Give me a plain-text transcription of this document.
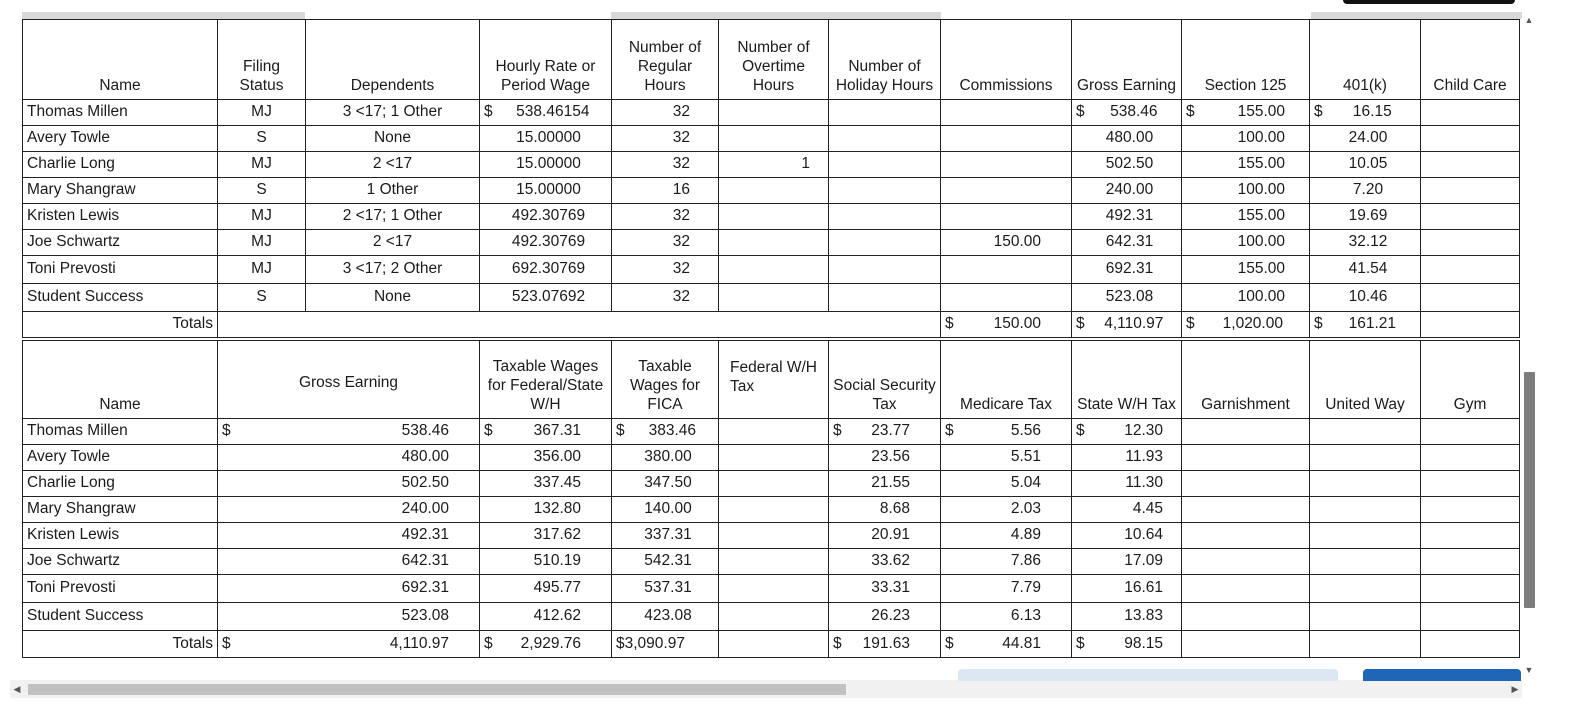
Name	Filing Status	Dependents	Hourly Rate or Period Wage	Number of Regular Hours	Number of Overtime Hours	Number of Holiday Hours	Commissions	Gross Earning	Section 125	401(k)	Child Care
Thomas Millen	MJ	3 <17; 1 Other	$ 538.46154	32				$ 538.46	$ 155.00	$ 16.15	

Avery Towle	S	None	15.00000	32				480.00	100.00	24.00	

Charlie Long	MJ	2 <17	15.00000	32	1			502.50	155.00	10.05	

Mary Shangraw	S	1 Other	15.00000	16				240.00	100.00	7.20	

Kristen Lewis	MJ	2 <17; 1 Other	492.30769	32				492.31	155.00	19.69	

Joe Schwartz	MJ	2 <17	492.30769	32			150.00	642.31	100.00	32.12	

Toni Prevosti	MJ	3 <17; 2 Other	692.30769	32				692.31	155.00	41.54	

Student Success	S	None	523.07692	32				523.08	100.00	10.46	

Totals							$ 150.00	$ 4,110.97	$ 1,020.00	$ 161.21	

Name	Gross Earning	Taxable Wages for Federal/State W/H	Taxable Wages for FICA	Federal W/H Tax	Social Security Tax	Medicare Tax	State W/H Tax	Garnishment	United Way	Gym
Thomas Millen	$ 538.46	$ 367.31	$ 383.46		$ 23.77	$ 5.56	$ 12.30			

Avery Towle	480.00	356.00	380.00		23.56	5.51	11.93			

Charlie Long	502.50	337.45	347.50		21.55	5.04	11.30			

Mary Shangraw	240.00	132.80	140.00		8.68	2.03	4.45			

Kristen Lewis	492.31	317.62	337.31		20.91	4.89	10.64			

Joe Schwartz	642.31	510.19	542.31		33.62	7.86	17.09			

Toni Prevosti	692.31	495.77	537.31		33.31	7.79	16.61			

Student Success	523.08	412.62	423.08		26.23	6.13	13.83			

Totals	$ 4,110.97	$ 2,929.76	$ 3,090.97		$ 191.63	$ 44.81	$ 98.15			

▲
▼
◀	▶
